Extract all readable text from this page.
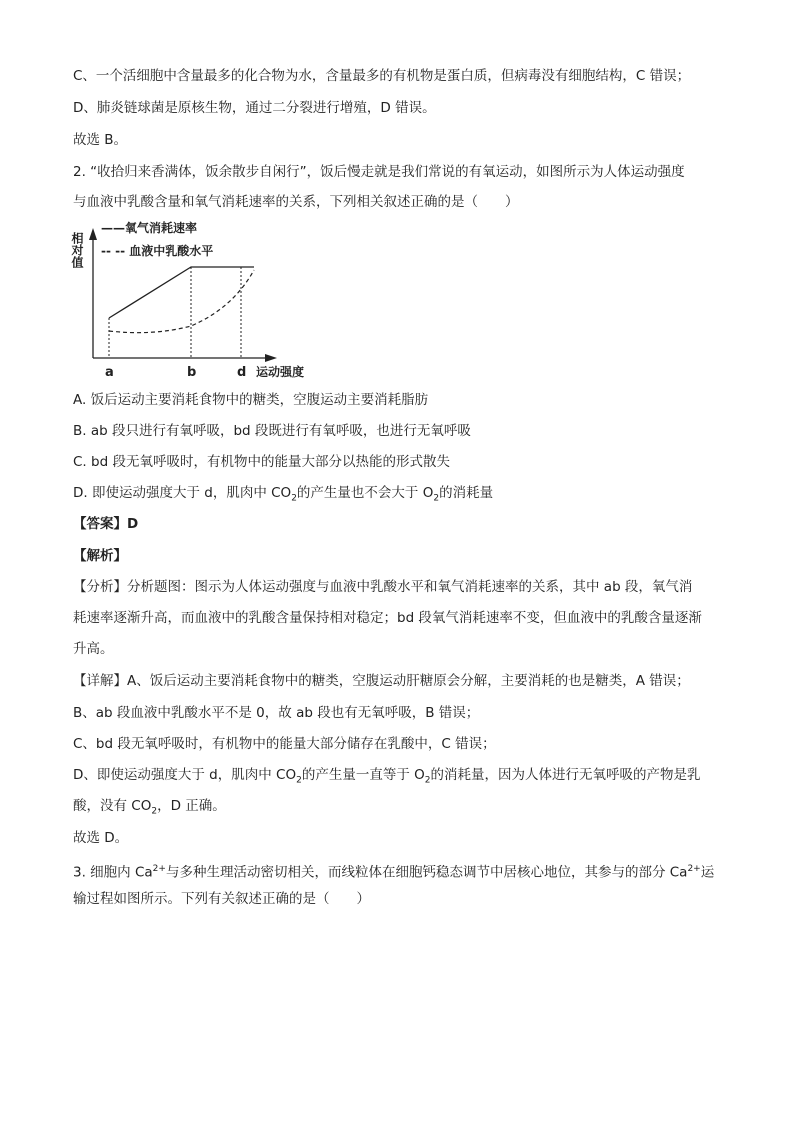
C、一个活细胞中含量最多的化合物为水，含量最多的有机物是蛋白质，但病毒没有细胞结构，C 错误；
D、肺炎链球菌是原核生物，通过二分裂进行增殖，D 错误。
故选 B。
2. “收拾归来香满体，饭余散步自闲行”，饭后慢走就是我们常说的有氧运动，如图所示为人体运动强度
与血液中乳酸含量和氧气消耗速率的关系，下列相关叙述正确的是（　　）
相对值
——氧气消耗速率
-- -- 血液中乳酸水平
a	b	d 运动强度
A. 饭后运动主要消耗食物中的糖类，空腹运动主要消耗脂肪
B. ab 段只进行有氧呼吸，bd 段既进行有氧呼吸，也进行无氧呼吸
C. bd 段无氧呼吸时，有机物中的能量大部分以热能的形式散失
D. 即使运动强度大于 d，肌肉中 $CO_2$的产生量也不会大于 $O_2$的消耗量
【答案】D
【解析】
【分析】分析题图：图示为人体运动强度与血液中乳酸水平和氧气消耗速率的关系，其中 ab 段，氧气消
耗速率逐渐升高，而血液中的乳酸含量保持相对稳定；bd 段氧气消耗速率不变，但血液中的乳酸含量逐渐
升高。
【详解】A、饭后运动主要消耗食物中的糖类，空腹运动肝糖原会分解，主要消耗的也是糖类，A 错误；
B、ab 段血液中乳酸水平不是 0，故 ab 段也有无氧呼吸，B 错误；
C、bd 段无氧呼吸时，有机物中的能量大部分储存在乳酸中，C 错误；
D、即使运动强度大于 d，肌肉中 $CO_2$的产生量一直等于 $O_2$的消耗量，因为人体进行无氧呼吸的产物是乳
酸，没有 $CO_2$，D 正确。
故选 D。
3. 细胞内 $Ca^{2+}$与多种生理活动密切相关，而线粒体在细胞钙稳态调节中居核心地位，其参与的部分 $Ca^{2+}$运
输过程如图所示。下列有关叙述正确的是（　　）
